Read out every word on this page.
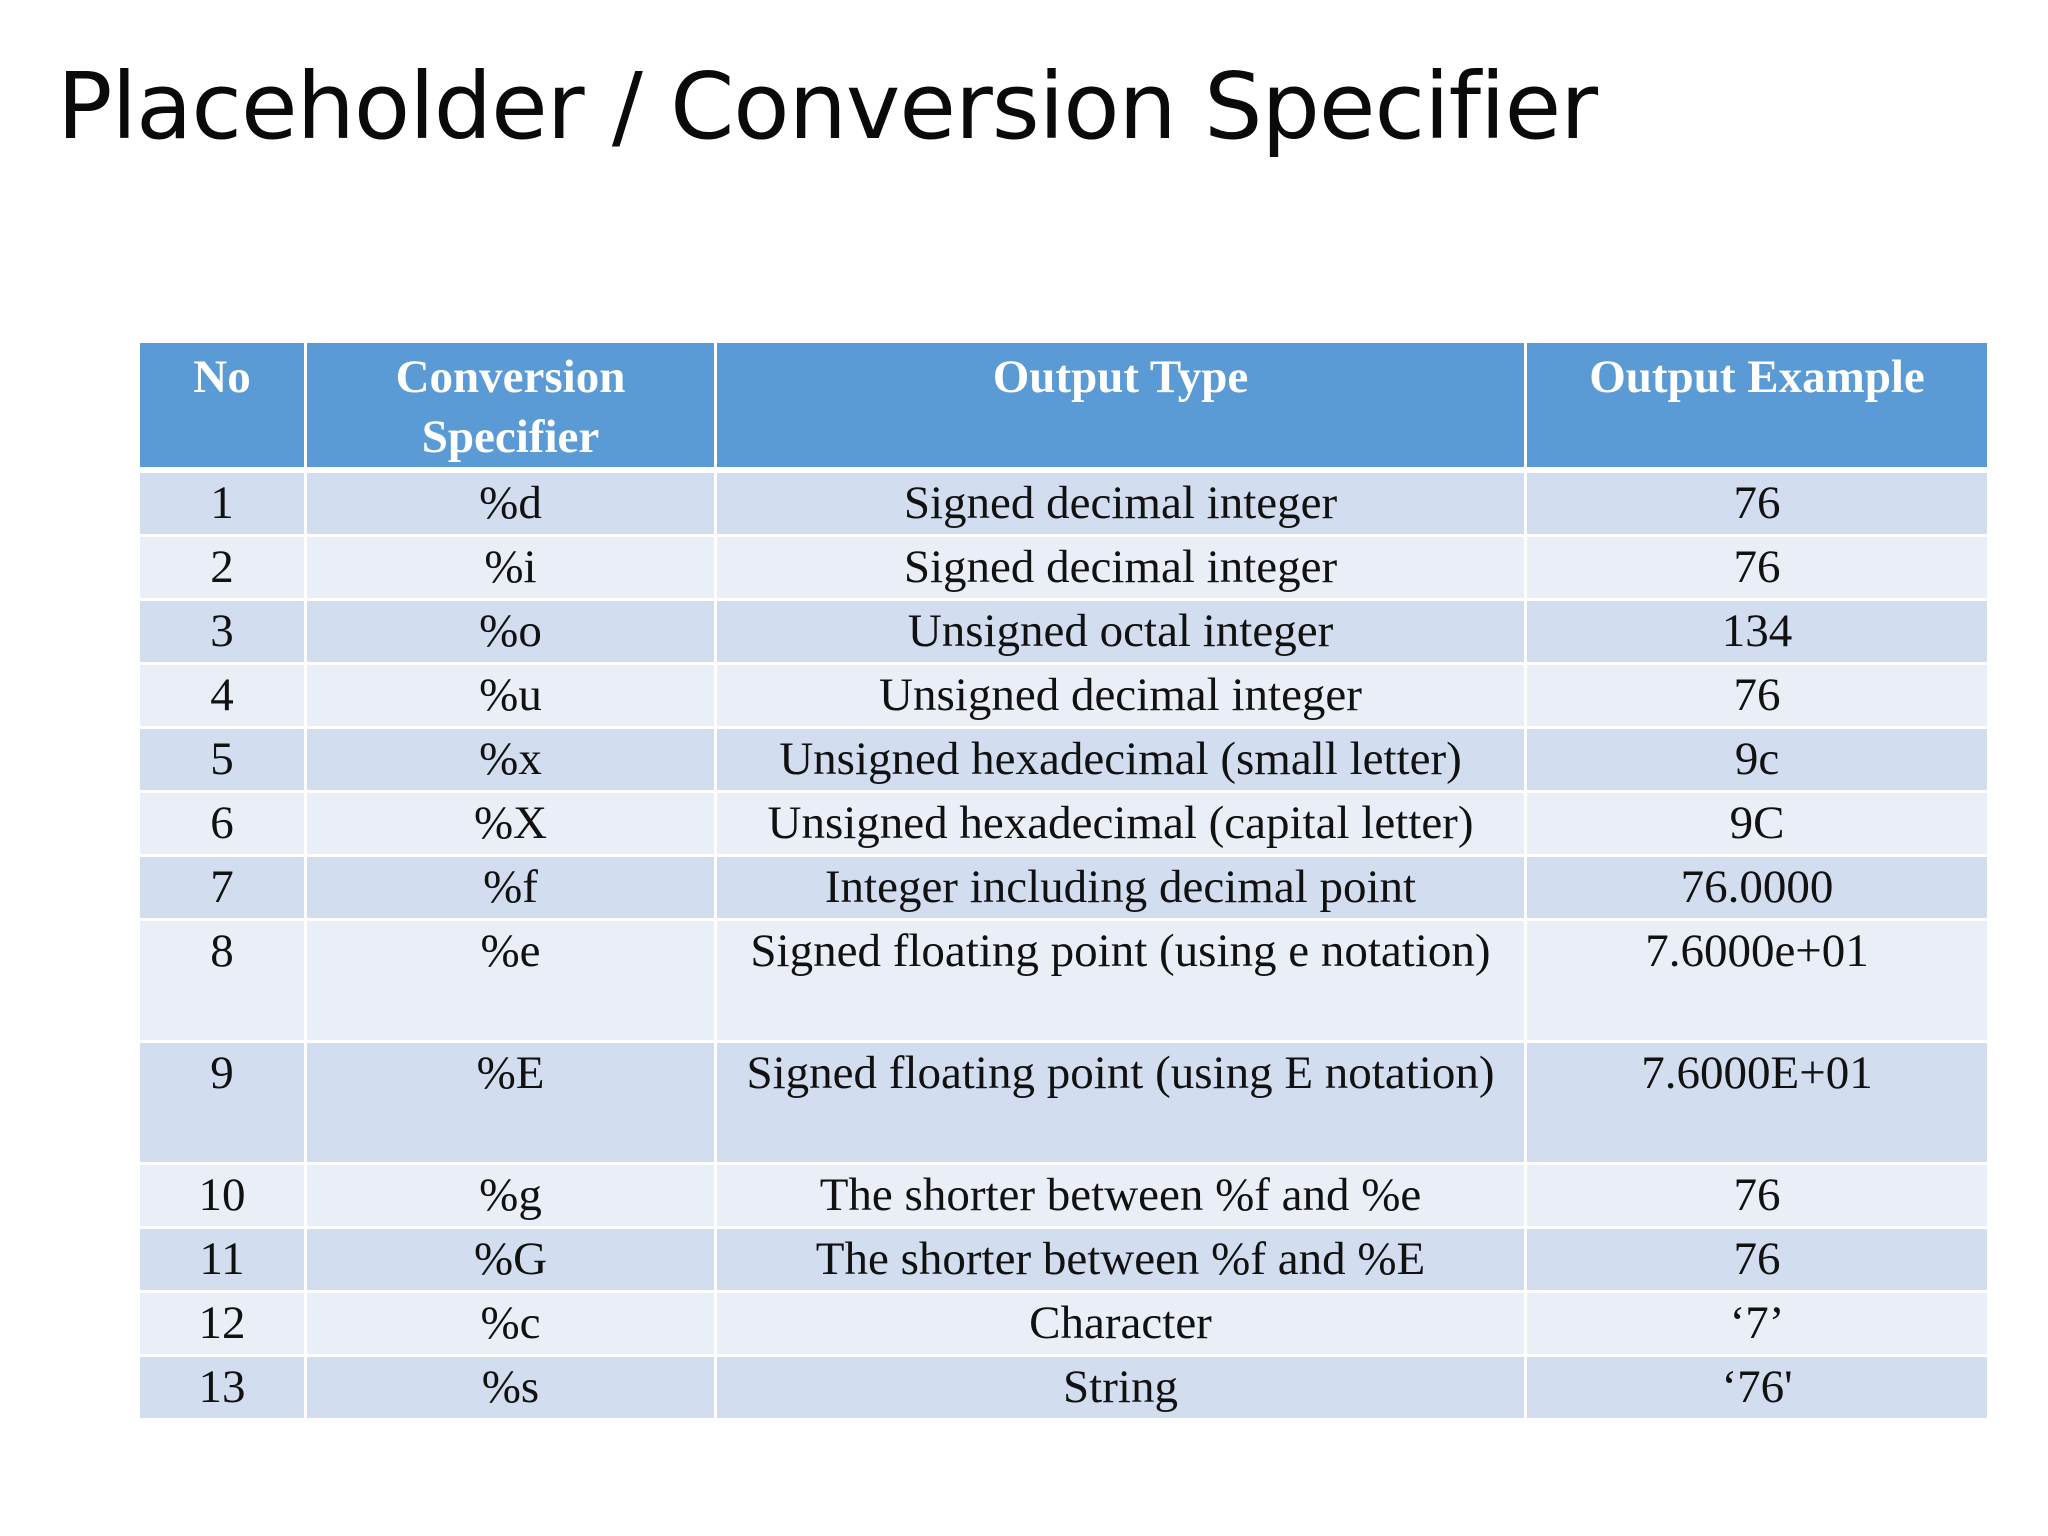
Placeholder / Conversion Specifier
No	Conversion Specifier	Output Type	Output Example
1	%d	Signed decimal integer	76
2	%i	Signed decimal integer	76
3	%o	Unsigned octal integer	134
4	%u	Unsigned decimal integer	76
5	%x	Unsigned hexadecimal (small letter)	9c
6	%X	Unsigned hexadecimal (capital letter)	9C
7	%f	Integer including decimal point	76.0000
8	%e	Signed floating point (using e notation)	7.6000e+01
9	%E	Signed floating point (using E notation)	7.6000E+01
10	%g	The shorter between %f and %e	76
11	%G	The shorter between %f and %E	76
12	%c	Character	‘7’
13	%s	String	‘76'
